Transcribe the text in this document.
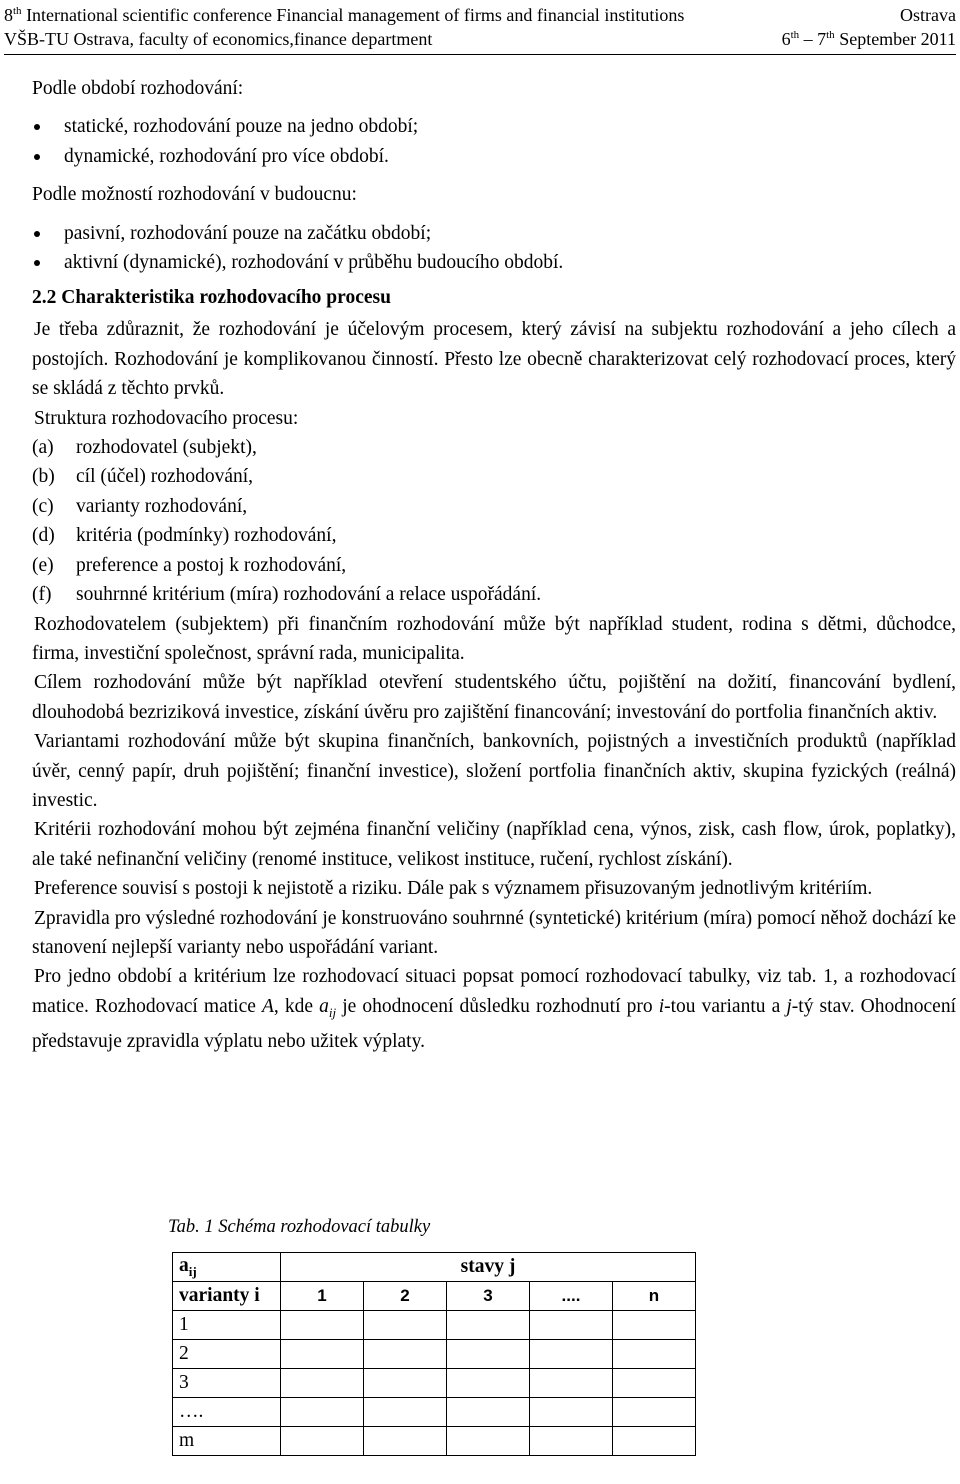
8th International scientific conference Financial management of firms and financial institutions	Ostrava
VŠB-TU Ostrava, faculty of economics,finance department	6th – 7th September 2011

Podle období rozhodování:

statické, rozhodování pouze na jedno období;
dynamické, rozhodování pro více období.

Podle možností rozhodování v budoucnu:

pasivní, rozhodování pouze na začátku období;
aktivní (dynamické), rozhodování v průběhu budoucího období.
2.2 Charakteristika rozhodovacího procesu

Je třeba zdůraznit, že rozhodování je účelovým procesem, který závisí na subjektu rozhodování a jeho cílech a postojích. Rozhodování je komplikovanou činností. Přesto lze obecně charakterizovat celý rozhodovací proces, který se skládá z těchto prvků.

Struktura rozhodovacího procesu:

(a)	rozhodovatel (subjekt),
(b)	cíl (účel) rozhodování,
(c)	varianty rozhodování,
(d)	kritéria (podmínky) rozhodování,
(e)	preference a postoj k rozhodování,
(f)	souhrnné kritérium (míra) rozhodování a relace uspořádání.

Rozhodovatelem (subjektem) při finančním rozhodování může být například student, rodina s dětmi, důchodce, firma, investiční společnost, správní rada, municipalita.

Cílem rozhodování může být například otevření studentského účtu, pojištění na dožití, financování bydlení, dlouhodobá bezriziková investice, získání úvěru pro zajištění financování; investování do portfolia finančních aktiv.

Variantami rozhodování může být skupina finančních, bankovních, pojistných a investičních produktů (například úvěr, cenný papír, druh pojištění; finanční investice), složení portfolia finančních aktiv, skupina fyzických (reálná) investic.

Kritérii rozhodování mohou být zejména finanční veličiny (například cena, výnos, zisk, cash flow, úrok, poplatky), ale také nefinanční veličiny (renomé instituce, velikost instituce, ručení, rychlost získání).

Preference souvisí s postoji k nejistotě a riziku. Dále pak s významem přisuzovaným jednotlivým kritériím.

Zpravidla pro výsledné rozhodování je konstruováno souhrnné (syntetické) kritérium (míra) pomocí něhož dochází ke stanovení nejlepší varianty nebo uspořádání variant.

Pro jedno období a kritérium lze rozhodovací situaci popsat pomocí rozhodovací tabulky, viz tab. 1, a rozhodovací matice. Rozhodovací matice A, kde $a_{ij}$ je ohodnocení důsledku rozhodnutí pro i-tou variantu a j-tý stav. Ohodnocení představuje zpravidla výplatu nebo užitek výplaty.

Tab. 1 Schéma rozhodovací tabulky
$a_{ij}$	stavy j				
varianty i	1	2	3	....	n
1					
2					
3					
….					
m					
